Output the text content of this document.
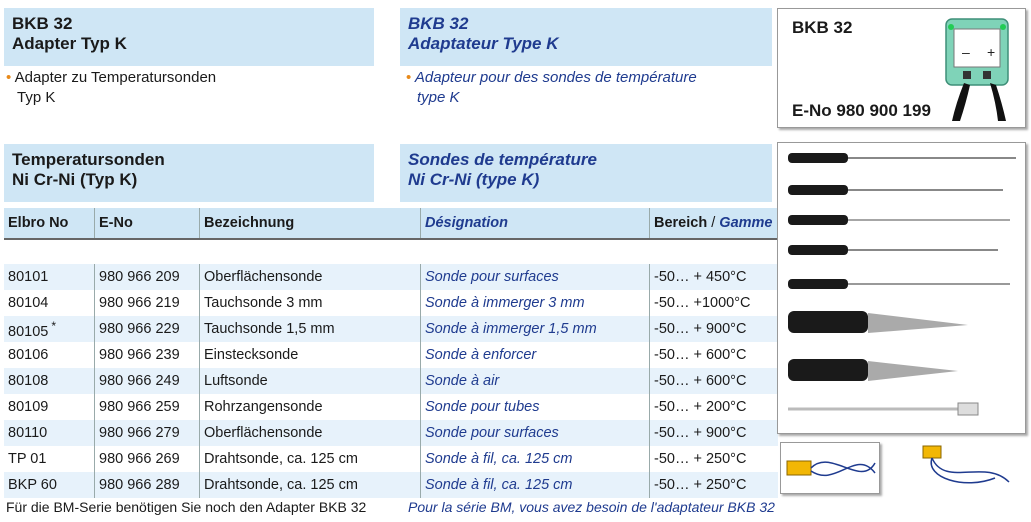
BKB 32
Adapter Typ K
BKB 32
Adaptateur Type K
• Adapter zu Temperatursonden
Typ K
• Adapteur pour des sondes de température
type K
BKB 32
E-No 980 900 199
– +
Temperatursonden
Ni Cr-Ni (Typ K)
Sondes de température
Ni Cr-Ni (type K)
Elbro No	E-No	Bezeichnung	Désignation	Bereich / Gamme

80101	980 966 209	Oberflächensonde	Sonde pour surfaces	-50… + 450°C
80104	980 966 219	Tauchsonde 3 mm	Sonde à immerger 3 mm	-50… +1000°C
80105 *	980 966 229	Tauchsonde 1,5 mm	Sonde à immerger 1,5 mm	-50… + 900°C
80106	980 966 239	Einstecksonde	Sonde à enforcer	-50… + 600°C
80108	980 966 249	Luftsonde	Sonde à air	-50… + 600°C
80109	980 966 259	Rohrzangensonde	Sonde pour tubes	-50… + 200°C
80110	980 966 279	Oberflächensonde	Sonde pour surfaces	-50… + 900°C
TP 01	980 966 269	Drahtsonde, ca. 125 cm	Sonde à fil, ca. 125 cm	-50… + 250°C
BKP 60	980 966 289	Drahtsonde, ca. 125 cm	Sonde à fil, ca. 125 cm	-50… + 250°C
Für die BM-Serie benötigen Sie noch den Adapter BKB 32	Pour la série BM, vous avez besoin de l'adaptateur BKB 32
